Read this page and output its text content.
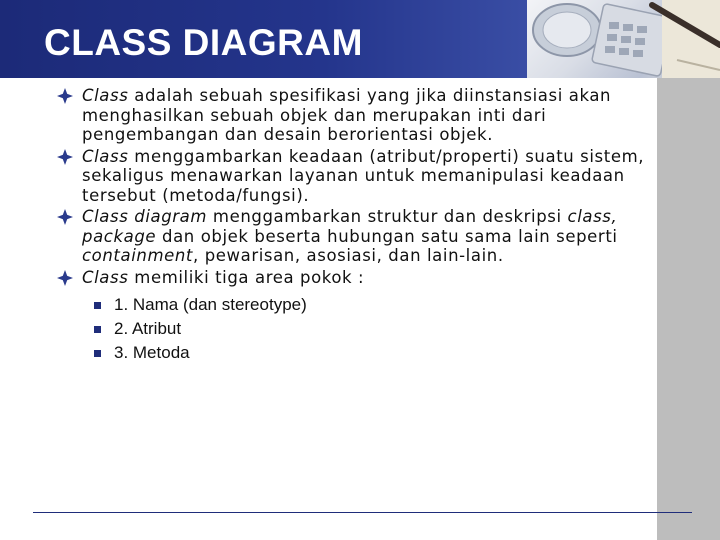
CLASS DIAGRAM
Class adalah sebuah spesifikasi yang jika diinstansiasi akan menghasilkan sebuah objek dan merupakan inti dari pengembangan dan desain berorientasi objek.
Class menggambarkan keadaan (atribut/properti) suatu sistem, sekaligus menawarkan layanan untuk memanipulasi keadaan tersebut (metoda/fungsi).
Class diagram menggambarkan struktur dan deskripsi class, package dan objek beserta hubungan satu sama lain seperti containment, pewarisan, asosiasi, dan lain-lain.
Class memiliki tiga area pokok :
1. Nama (dan stereotype)
2. Atribut
3. Metoda
